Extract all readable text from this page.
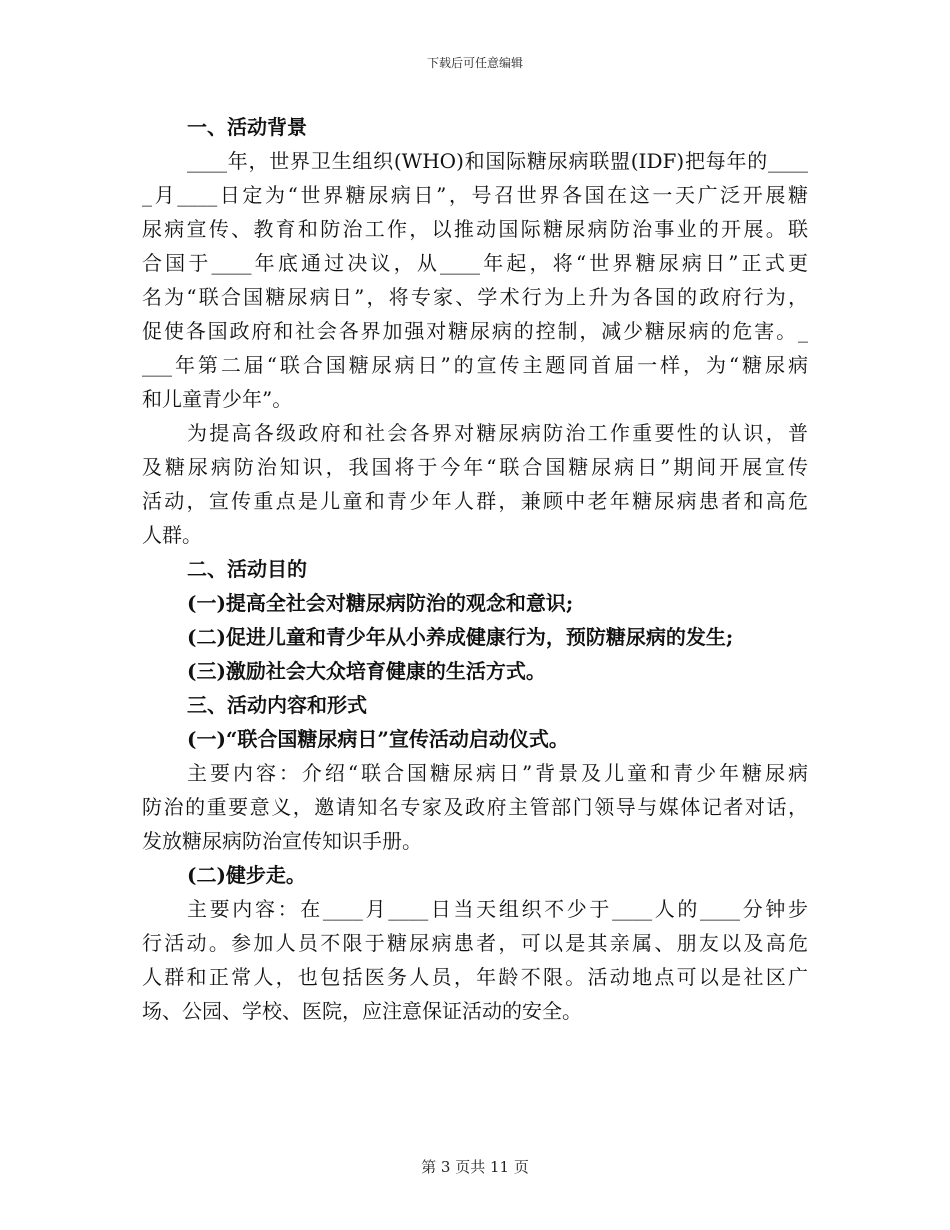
下载后可任意编辑
一、活动背景
____年，世界卫生组织(WHO)和国际糖尿病联盟(IDF)把每年的____
_月____日定为“世界糖尿病日”，号召世界各国在这一天广泛开展糖
尿病宣传、教育和防治工作，以推动国际糖尿病防治事业的开展。联
合国于____年底通过决议，从____年起，将“世界糖尿病日”正式更
名为“联合国糖尿病日”，将专家、学术行为上升为各国的政府行为，
促使各国政府和社会各界加强对糖尿病的控制，减少糖尿病的危害。_
___年第二届“联合国糖尿病日”的宣传主题同首届一样，为“糖尿病
和儿童青少年”。
为提高各级政府和社会各界对糖尿病防治工作重要性的认识，普
及糖尿病防治知识，我国将于今年“联合国糖尿病日”期间开展宣传
活动，宣传重点是儿童和青少年人群，兼顾中老年糖尿病患者和高危
人群。
二、活动目的
(一)提高全社会对糖尿病防治的观念和意识;
(二)促进儿童和青少年从小养成健康行为，预防糖尿病的发生;
(三)激励社会大众培育健康的生活方式。
三、活动内容和形式
(一)“联合国糖尿病日”宣传活动启动仪式。
主要内容：介绍“联合国糖尿病日”背景及儿童和青少年糖尿病
防治的重要意义，邀请知名专家及政府主管部门领导与媒体记者对话，
发放糖尿病防治宣传知识手册。
(二)健步走。
主要内容：在____月____日当天组织不少于____人的____分钟步
行活动。参加人员不限于糖尿病患者，可以是其亲属、朋友以及高危
人群和正常人，也包括医务人员，年龄不限。活动地点可以是社区广
场、公园、学校、医院，应注意保证活动的安全。
第 3 页共 11 页
